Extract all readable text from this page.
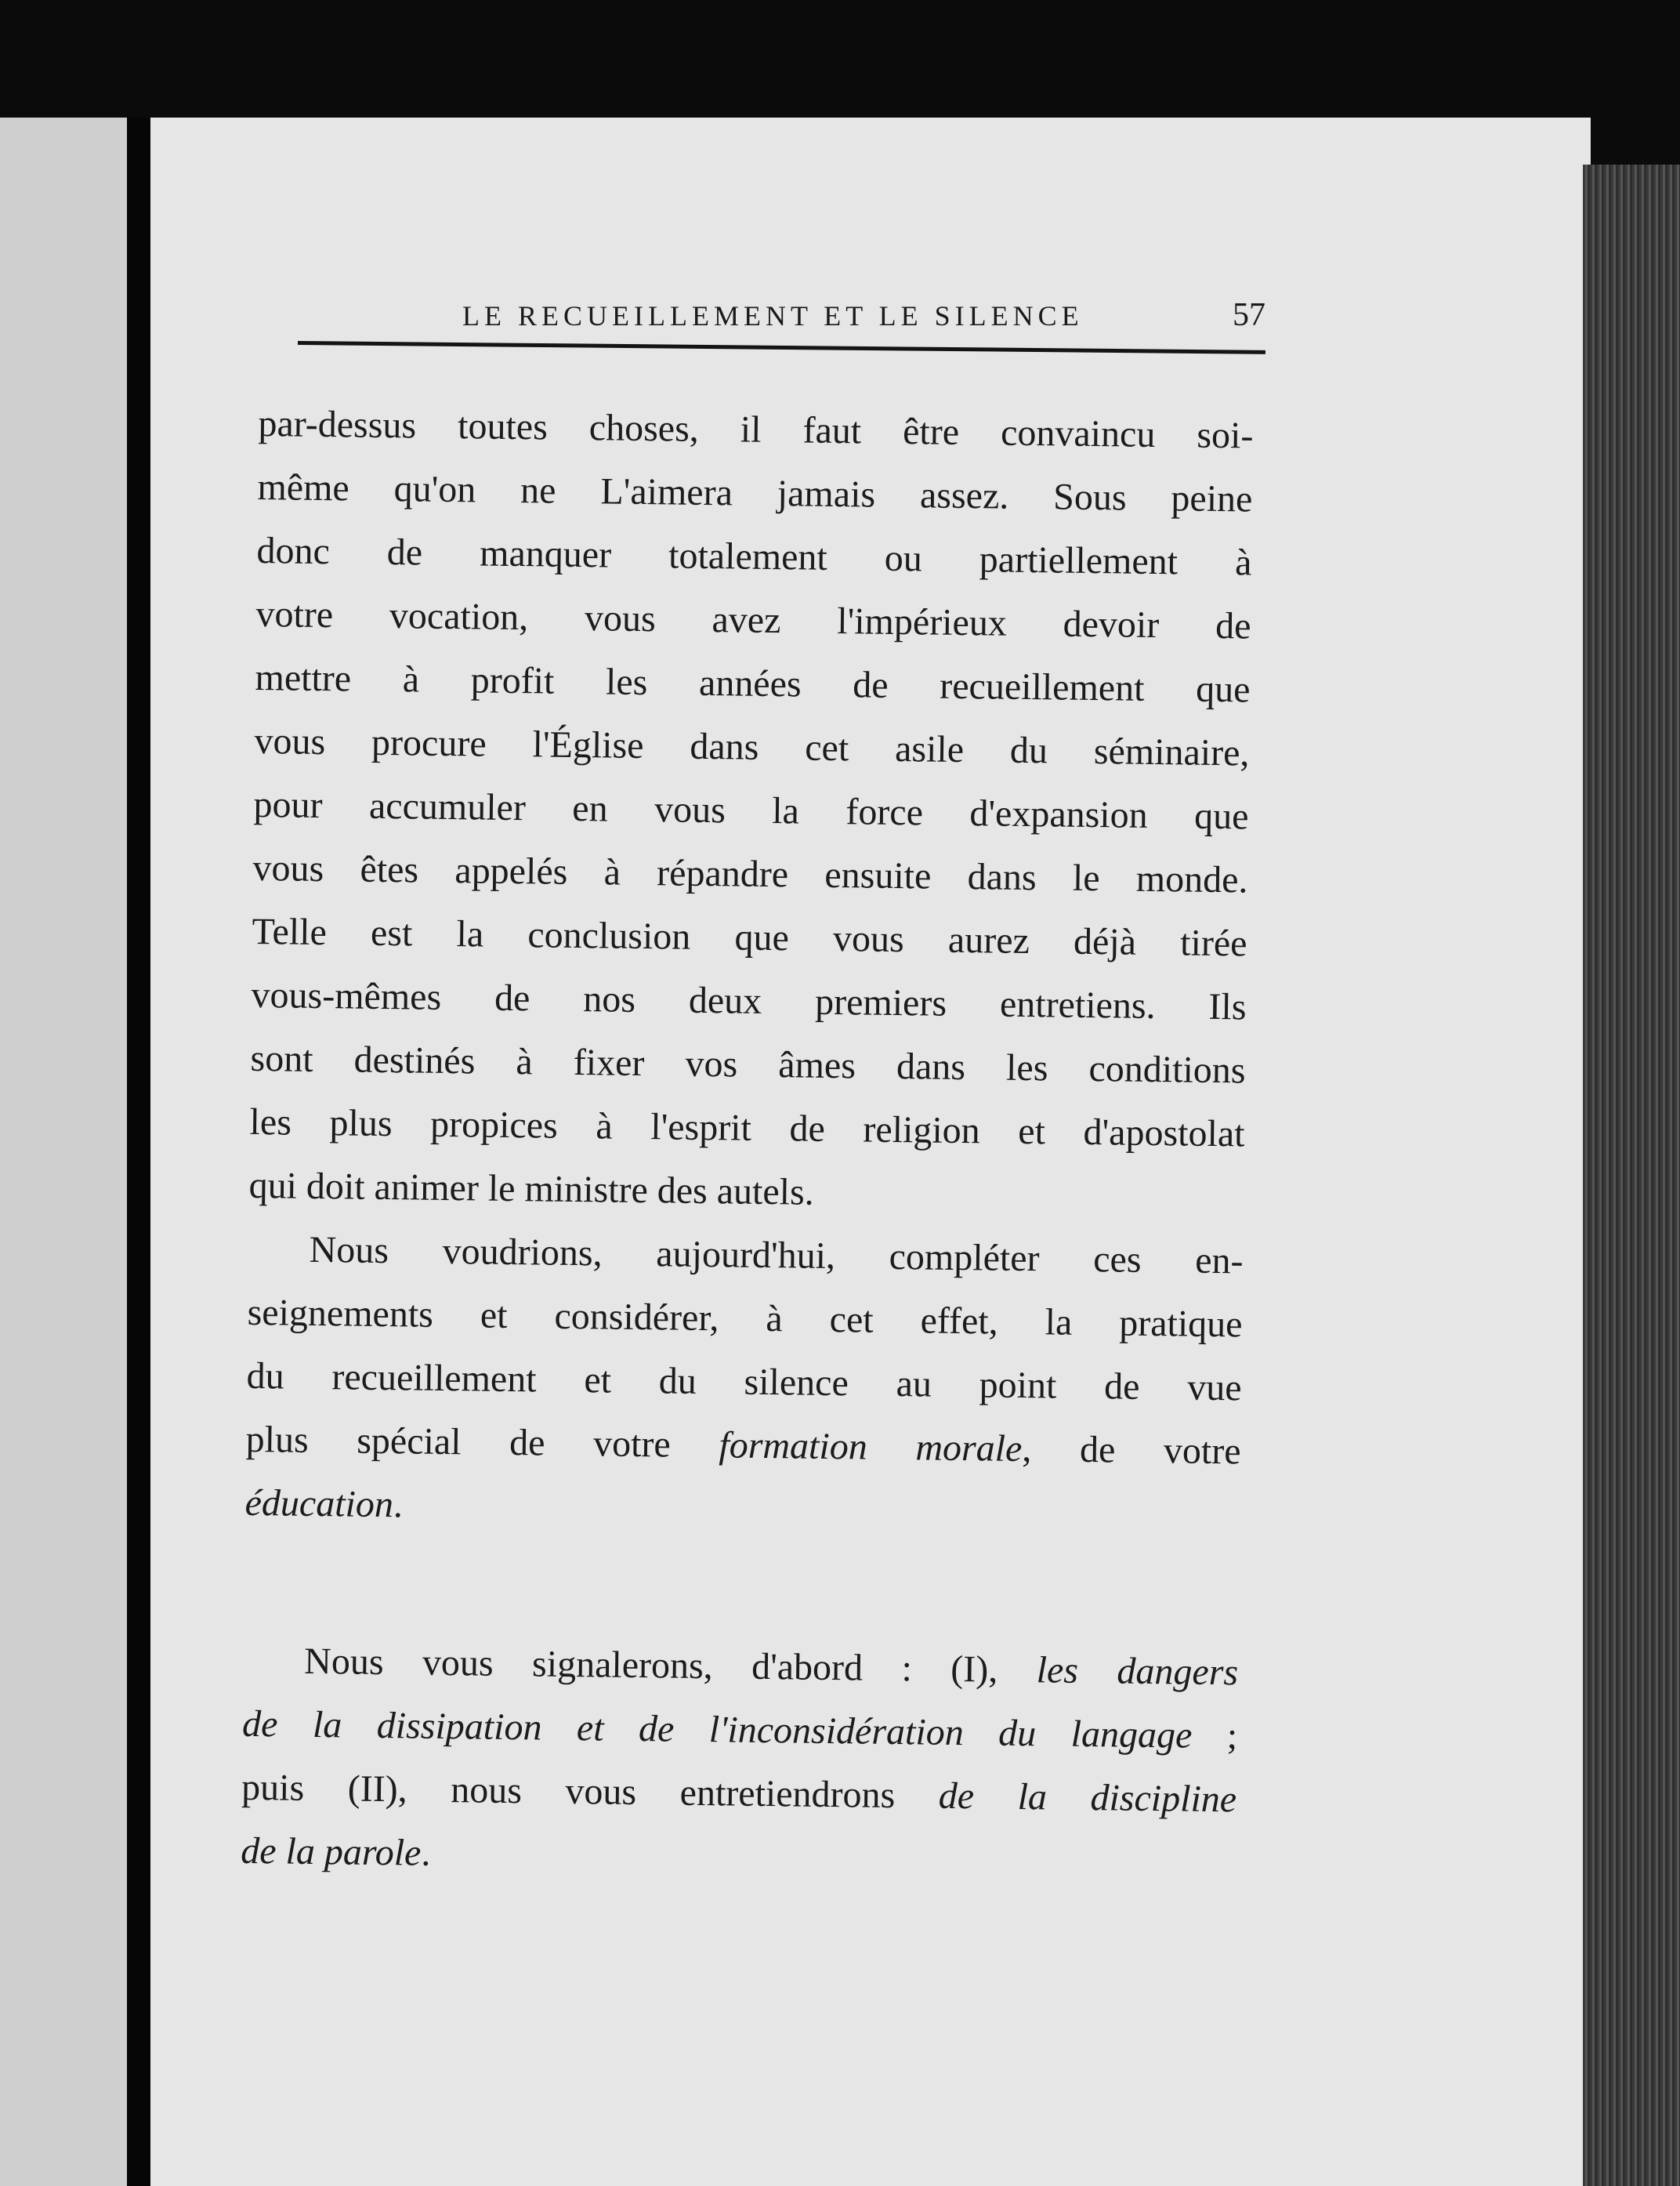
LE RECUEILLEMENT ET LE SILENCE	57
par-dessus toutes choses, il faut être convaincu soi-
même qu'on ne L'aimera jamais assez. Sous peine
donc de manquer totalement ou partiellement à
votre vocation, vous avez l'impérieux devoir de
mettre à profit les années de recueillement que
vous procure l'Église dans cet asile du séminaire,
pour accumuler en vous la force d'expansion que
vous êtes appelés à répandre ensuite dans le monde.
Telle est la conclusion que vous aurez déjà tirée
vous-mêmes de nos deux premiers entretiens. Ils
sont destinés à fixer vos âmes dans les conditions
les plus propices à l'esprit de religion et d'apostolat
qui doit animer le ministre des autels.
Nous voudrions, aujourd'hui, compléter ces en-
seignements et considérer, à cet effet, la pratique
du recueillement et du silence au point de vue
plus spécial de votre formation morale, de votre
éducation.
Nous vous signalerons, d'abord : (I), les dangers
de la dissipation et de l'inconsidération du langage ;
puis (II), nous vous entretiendrons de la discipline
de la parole.
